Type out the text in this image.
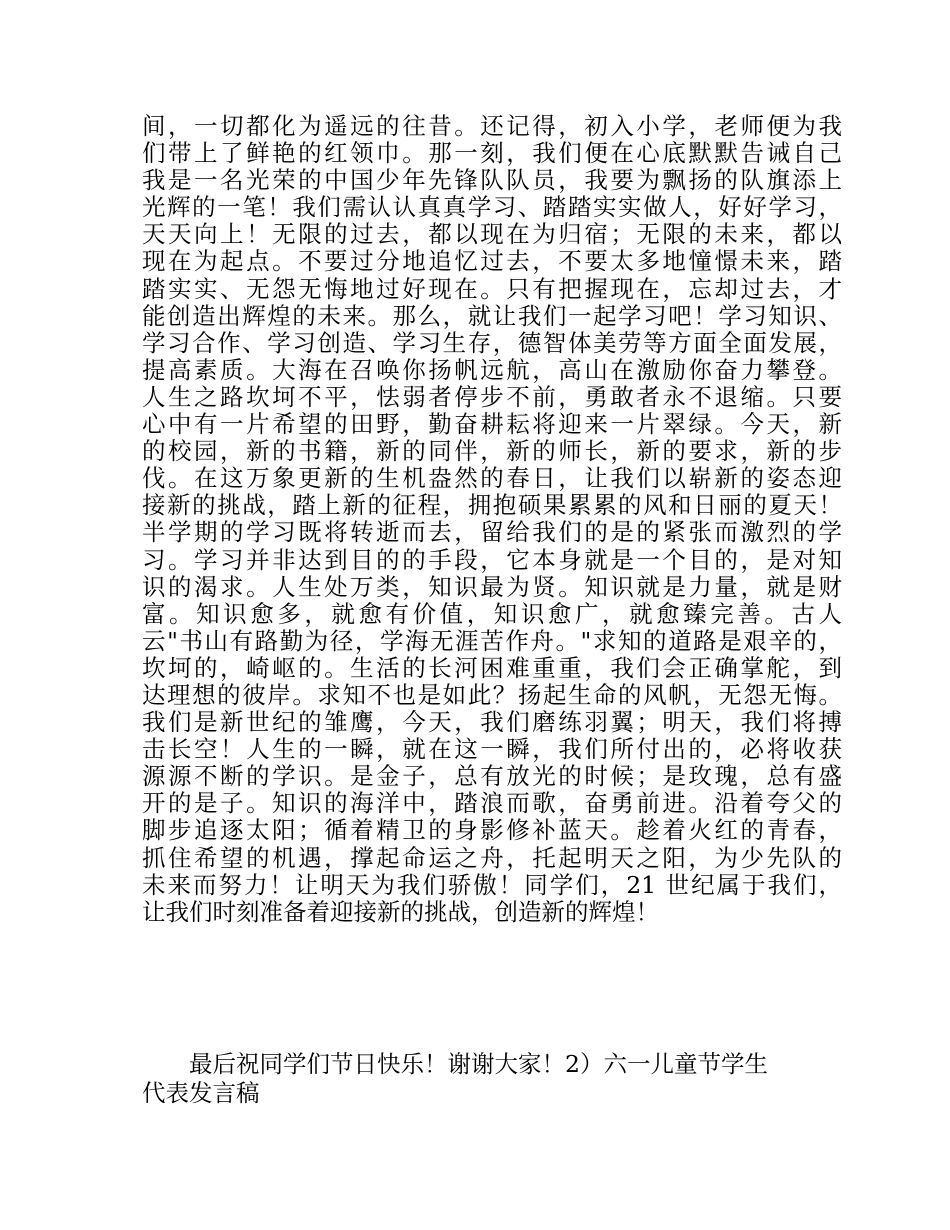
间，一切都化为遥远的往昔。还记得，初入小学，老师便为我
们带上了鲜艳的红领巾。那一刻，我们便在心底默默告诫自己
我是一名光荣的中国少年先锋队队员，我要为飘扬的队旗添上
光辉的一笔！我们需认认真真学习、踏踏实实做人，好好学习，
天天向上！无限的过去，都以现在为归宿；无限的未来，都以
现在为起点。不要过分地追忆过去，不要太多地憧憬未来，踏
踏实实、无怨无悔地过好现在。只有把握现在，忘却过去，才
能创造出辉煌的未来。那么，就让我们一起学习吧！学习知识、
学习合作、学习创造、学习生存，德智体美劳等方面全面发展，
提高素质。大海在召唤你扬帆远航，高山在激励你奋力攀登。
人生之路坎坷不平，怯弱者停步不前，勇敢者永不退缩。只要
心中有一片希望的田野，勤奋耕耘将迎来一片翠绿。今天，新
的校园，新的书籍，新的同伴，新的师长，新的要求，新的步
伐。在这万象更新的生机盎然的春日，让我们以崭新的姿态迎
接新的挑战，踏上新的征程，拥抱硕果累累的风和日丽的夏天！
半学期的学习既将转逝而去，留给我们的是的紧张而激烈的学
习。学习并非达到目的的手段，它本身就是一个目的，是对知
识的渴求。人生处万类，知识最为贤。知识就是力量，就是财
富。知识愈多，就愈有价值，知识愈广，就愈臻完善。古人
云"书山有路勤为径，学海无涯苦作舟。"求知的道路是艰辛的，
坎坷的，崎岖的。生活的长河困难重重，我们会正确掌舵，到
达理想的彼岸。求知不也是如此？扬起生命的风帆，无怨无悔。
我们是新世纪的雏鹰，今天，我们磨练羽翼；明天，我们将搏
击长空！人生的一瞬，就在这一瞬，我们所付出的，必将收获
源源不断的学识。是金子，总有放光的时候；是玫瑰，总有盛
开的是子。知识的海洋中，踏浪而歌，奋勇前进。沿着夸父的
脚步追逐太阳；循着精卫的身影修补蓝天。趁着火红的青春，
抓住希望的机遇，撑起命运之舟，托起明天之阳，为少先队的
未来而努力！让明天为我们骄傲！同学们，21 世纪属于我们，
让我们时刻准备着迎接新的挑战，创造新的辉煌！
最后祝同学们节日快乐！谢谢大家！2）六一儿童节学生
代表发言稿
